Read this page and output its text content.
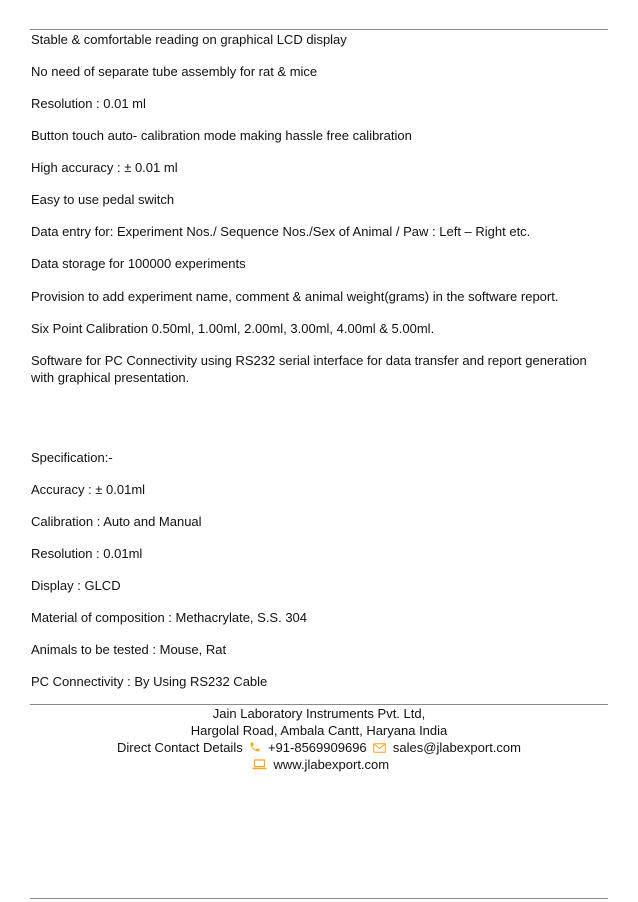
Stable & comfortable reading on graphical LCD display

No need of separate tube assembly for rat & mice

Resolution : 0.01 ml

Button touch auto- calibration mode making hassle free calibration

High accuracy : ± 0.01 ml

Easy to use pedal switch

Data entry for: Experiment Nos./ Sequence Nos./Sex of Animal / Paw : Left – Right etc.

Data storage for 100000 experiments

Provision to add experiment name, comment & animal weight(grams) in the software report.

Six Point Calibration 0.50ml, 1.00ml, 2.00ml, 3.00ml, 4.00ml & 5.00ml.

Software for PC Connectivity using RS232 serial interface for data transfer and report generation with graphical presentation.

Specification:-

Accuracy : ± 0.01ml

Calibration : Auto and Manual

Resolution : 0.01ml

Display : GLCD

Material of composition : Methacrylate, S.S. 304

Animals to be tested : Mouse, Rat

PC Connectivity : By Using RS232 Cable

Jain Laboratory Instruments Pvt. Ltd,
Hargolal Road, Ambala Cantt, Haryana India
Direct Contact Details +91-8569909696 sales@jlabexport.com
www.jlabexport.com
